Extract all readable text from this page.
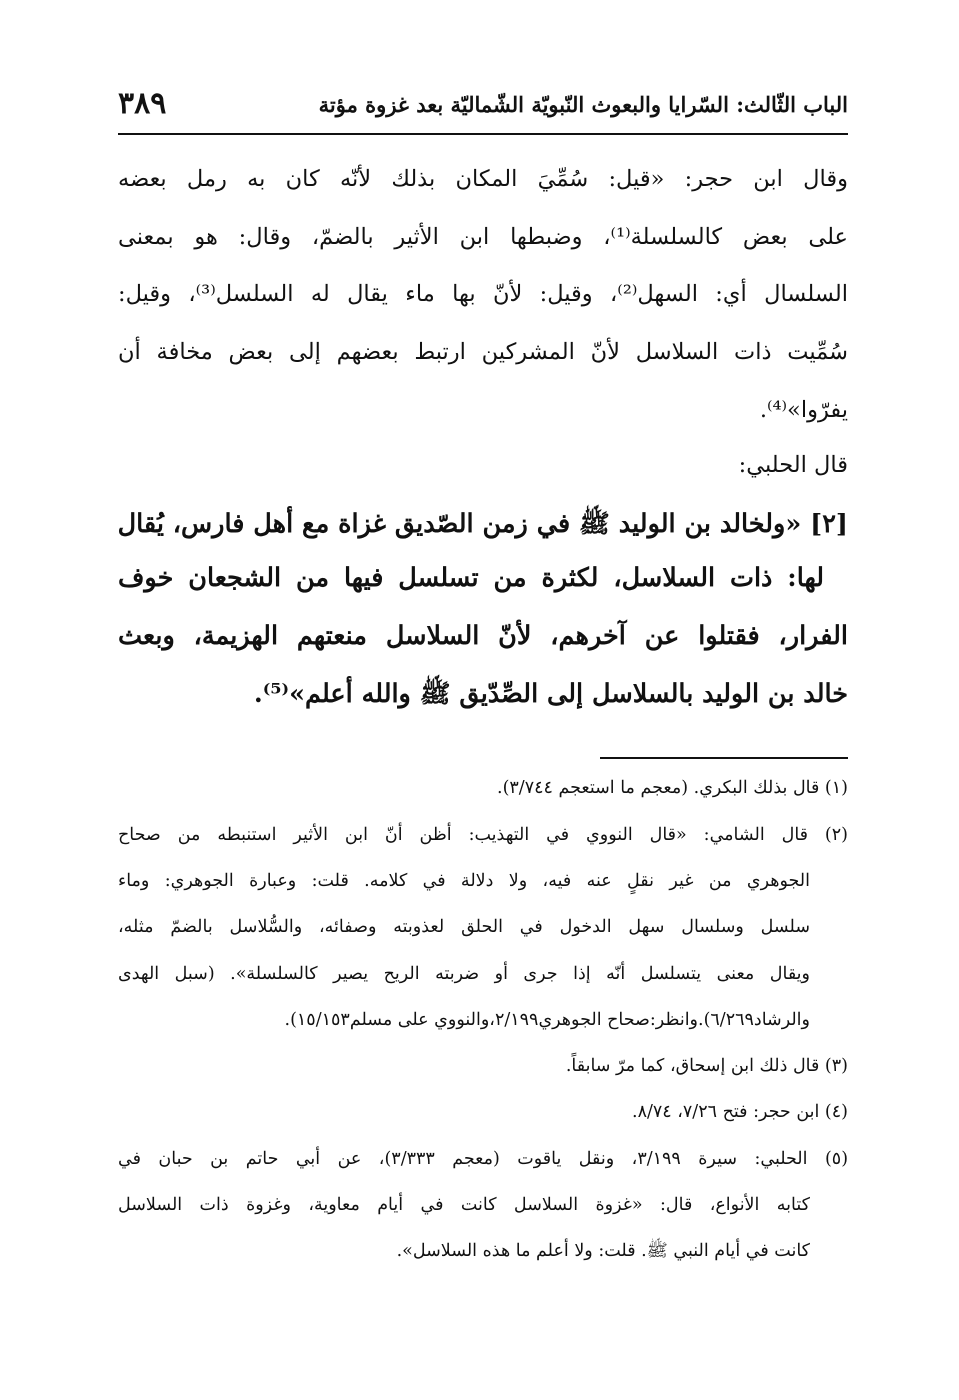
٣٨٩	الباب الثّالث: السّرايا والبعوث النّبويّة الشّماليّة بعد غزوة مؤتة
وقال ابن حجر: «قيل: سُمِّيَ المكان بذلك لأنّه كان به رمل بعضه
على بعض كالسلسلة⁽¹⁾، وضبطها ابن الأثير بالضمّ، وقال: هو بمعنى
السلسال أي: السهل⁽²⁾، وقيل: لأنّ بها ماء يقال له السلسل⁽³⁾، وقيل:
سُمِّيت ذات السلاسل لأنّ المشركين ارتبط بعضهم إلى بعض مخافة أن
يفرّوا»⁽⁴⁾.
قال الحلبي:
[٢] «ولخالد بن الوليد ﷺ في زمن الصّديق غزاة مع أهل فارس، يُقال
لها: ذات السلاسل، لكثرة من تسلسل فيها من الشجعان خوف
الفرار، فقتلوا عن آخرهم، لأنّ السلاسل منعتهم الهزيمة، وبعث
خالد بن الوليد بالسلاسل إلى الصِّدّيق ﷺ والله أعلم»⁽⁵⁾.
(١) قال بذلك البكري. (معجم ما استعجم ٣/٧٤٤).
(٢) قال الشامي: «قال النووي في التهذيب: أظن أنّ ابن الأثير استنبطه من صحاح
الجوهري من غير نقلٍ عنه فيه، ولا دلالة في كلامه. قلت: وعبارة الجوهري: وماء
سلسل وسلسال سهل الدخول في الحلق لعذوبته وصفائه، والسُّلاسل بالضمّ مثله،
ويقال معنى يتسلسل أنّه إذا جرى أو ضربته الريح يصير كالسلسلة». (سبل الهدى
والرشاد٦/٢٦٩).وانظر:صحاح الجوهري٢/١٩٩،والنووي على مسلم١٥/١٥٣).
(٣) قال ذلك ابن إسحاق، كما مرّ سابقاً.
(٤) ابن حجر: فتح ٧/٢٦، ٨/٧٤.
(٥) الحلبي: سيرة ٣/١٩٩، ونقل ياقوت (معجم ٣/٣٣٣)، عن أبي حاتم بن حبان في
كتابه الأنواع، قال: «غزوة السلاسل كانت في أيام معاوية، وغزوة ذات السلاسل
كانت في أيام النبي ﷺ. قلت: ولا أعلم ما هذه السلاسل».
